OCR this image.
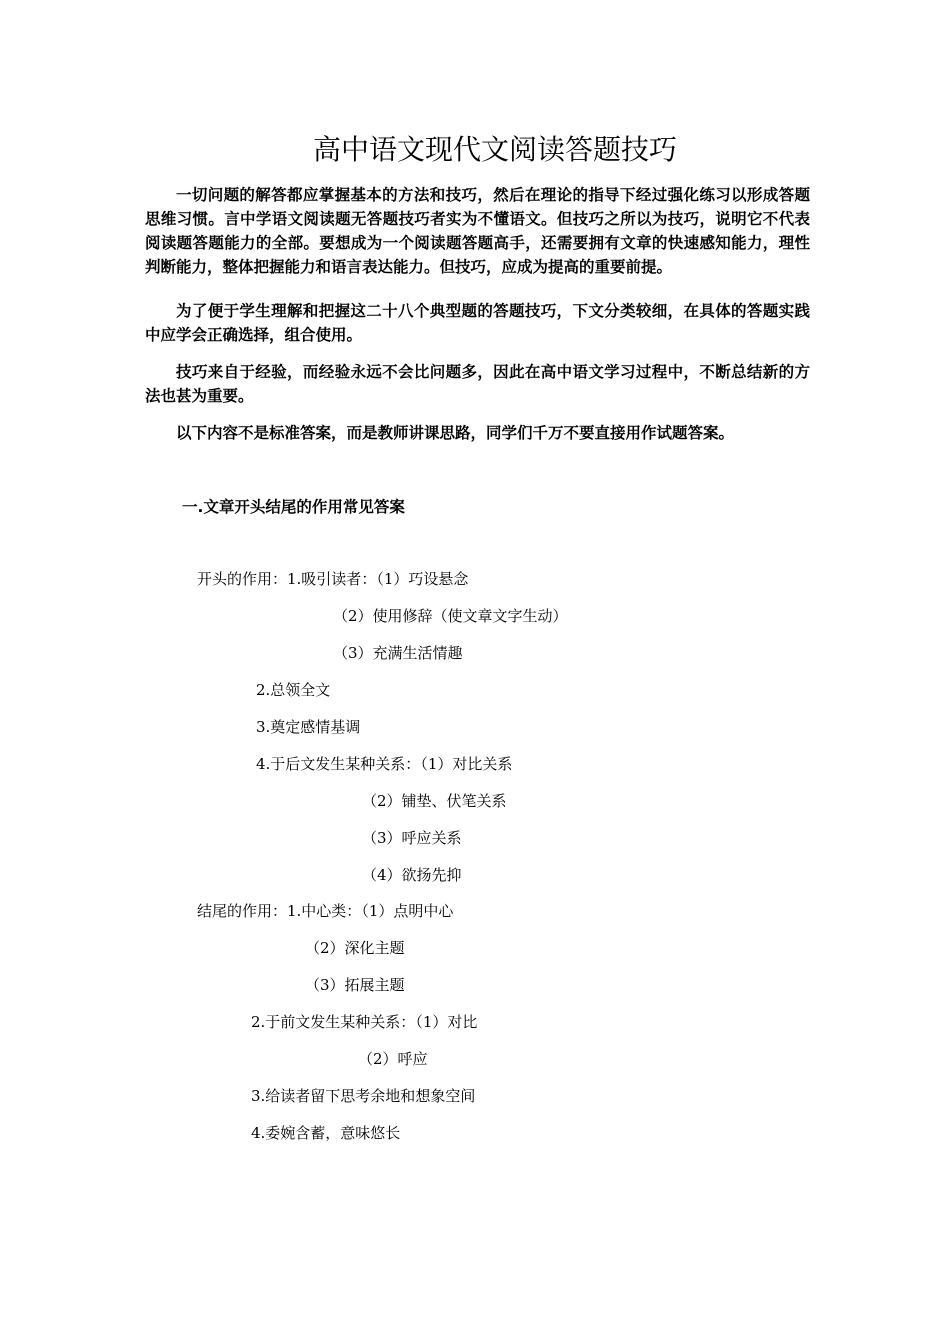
高中语文现代文阅读答题技巧

一切问题的解答都应掌握基本的方法和技巧，然后在理论的指导下经过强化练习以形成答题思维习惯。言中学语文阅读题无答题技巧者实为不懂语文。但技巧之所以为技巧，说明它不代表阅读题答题能力的全部。要想成为一个阅读题答题高手，还需要拥有文章的快速感知能力，理性判断能力，整体把握能力和语言表达能力。但技巧，应成为提高的重要前提。

为了便于学生理解和把握这二十八个典型题的答题技巧，下文分类较细，在具体的答题实践中应学会正确选择，组合使用。

技巧来自于经验，而经验永远不会比问题多，因此在高中语文学习过程中，不断总结新的方法也甚为重要。

以下内容不是标准答案，而是教师讲课思路，同学们千万不要直接用作试题答案。

一.文章开头结尾的作用常见答案

开头的作用：1.吸引读者：（1）巧设悬念

（2）使用修辞（使文章文字生动）

（3）充满生活情趣

2.总领全文

3.奠定感情基调

4.于后文发生某种关系：（1）对比关系

（2）铺垫、伏笔关系

（3）呼应关系

（4）欲扬先抑

结尾的作用：1.中心类：（1）点明中心

（2）深化主题

（3）拓展主题

2.于前文发生某种关系：（1）对比

（2）呼应

3.给读者留下思考余地和想象空间

4.委婉含蓄，意味悠长
